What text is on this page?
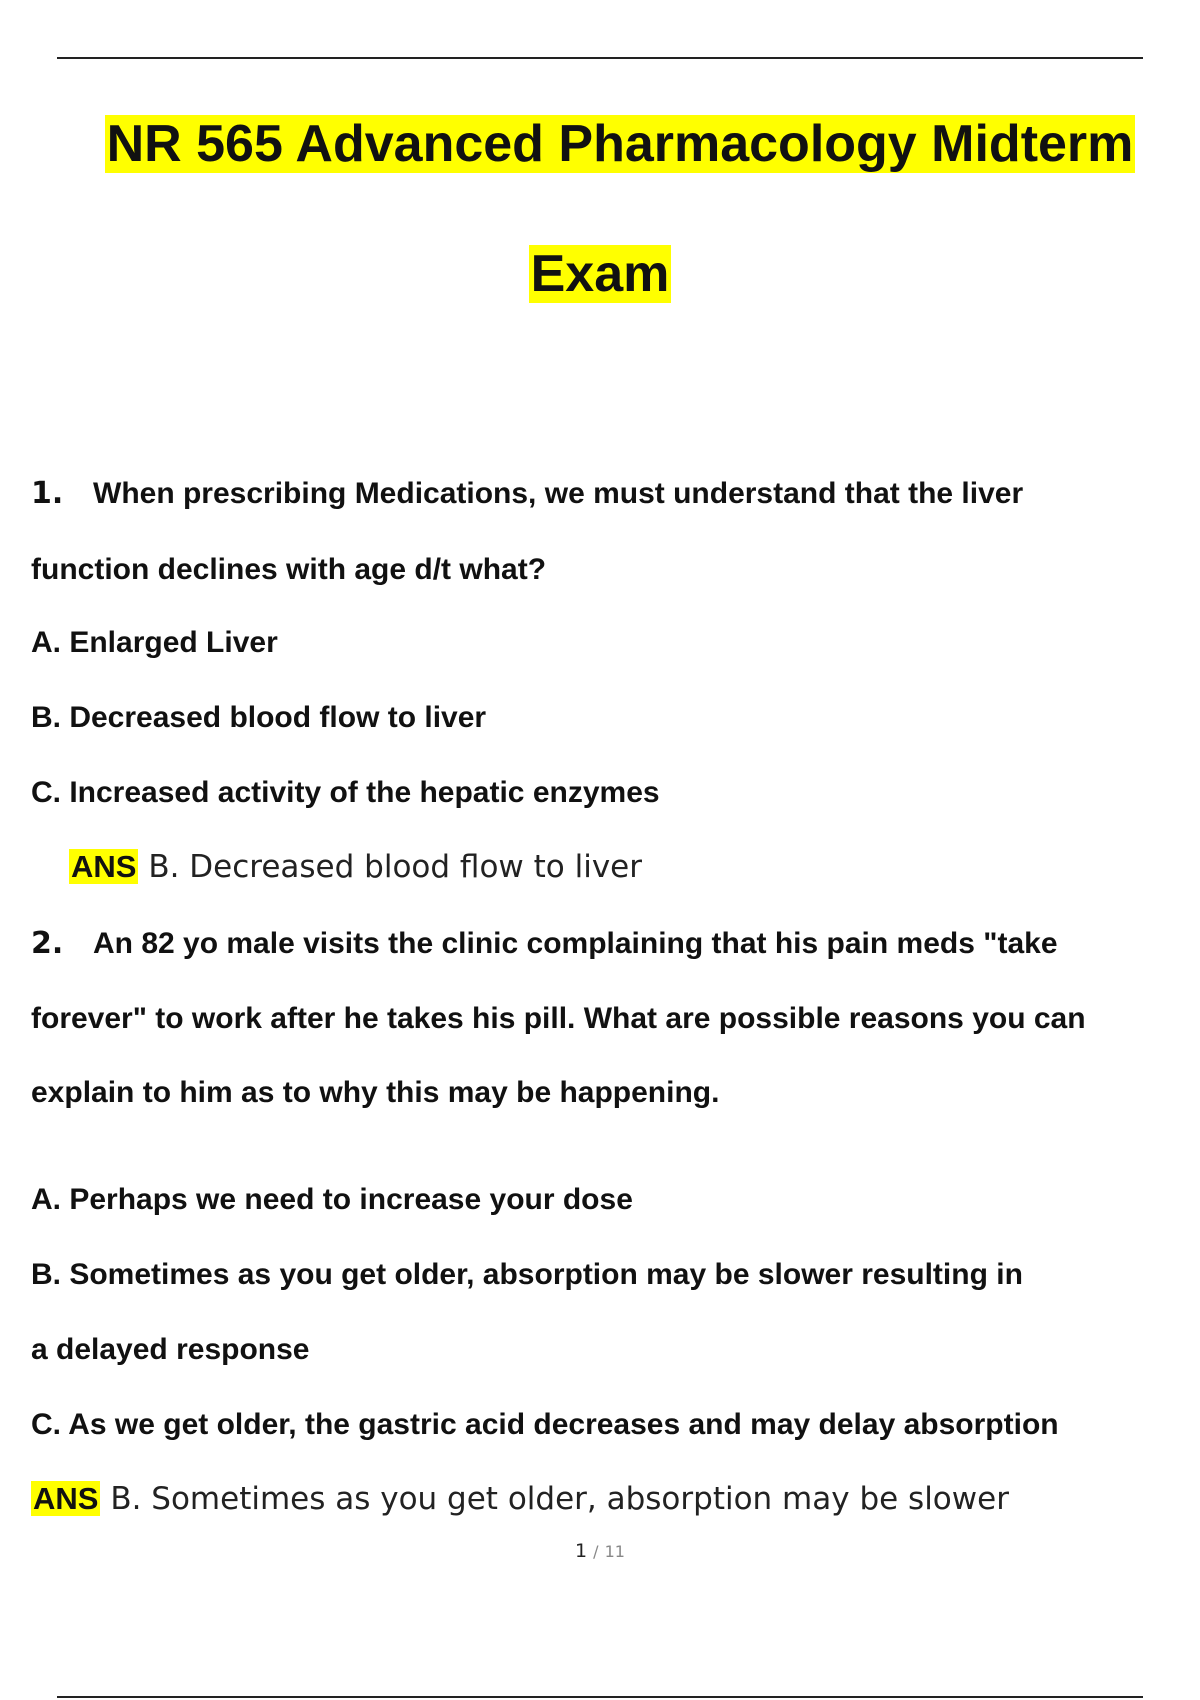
NR 565 Advanced Pharmacology Midterm
Exam
1. When prescribing Medications, we must understand that the liver
function declines with age d/t what?
A. Enlarged Liver
B. Decreased blood flow to liver
C. Increased activity of the hepatic enzymes
ANS B. Decreased blood flow to liver
2. An 82 yo male visits the clinic complaining that his pain meds "take
forever" to work after he takes his pill. What are possible reasons you can
explain to him as to why this may be happening.
A. Perhaps we need to increase your dose
B. Sometimes as you get older, absorption may be slower resulting in
a delayed response
C. As we get older, the gastric acid decreases and may delay absorption
ANS B. Sometimes as you get older, absorption may be slower
1 / 11
